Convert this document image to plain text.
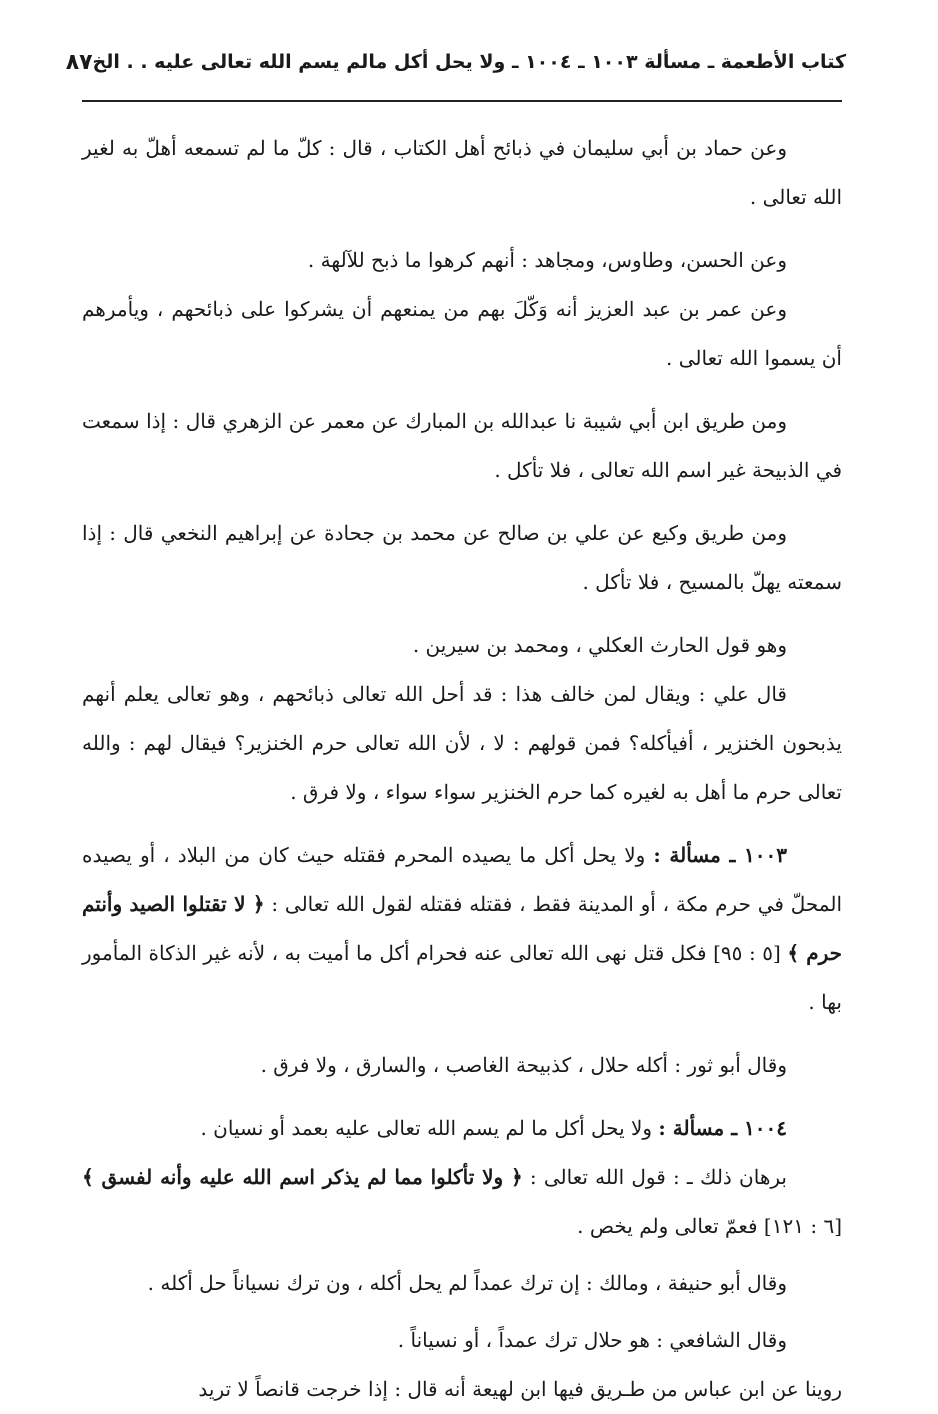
كتاب الأطعمة ـ مسألة ١٠٠٣ ـ ١٠٠٤ ـ ولا يحل أكل مالم يسم الله تعالى عليه . . الخ
٨٧

وعن حماد بن أبي سليمان في ذبائح أهل الكتاب ، قال : كلّ ما لم تسمعه أهلّ به لغير الله تعالى .

وعن الحسن، وطاوس، ومجاهد : أنهم كرهوا ما ذبح للآلهة .

وعن عمر بن عبد العزيز أنه وَكّلَ بهم من يمنعهم أن يشركوا على ذبائحهم ، ويأمرهم أن يسموا الله تعالى .

ومن طريق ابن أبي شيبة نا عبدالله بن المبارك عن معمر عن الزهري قال : إذا سمعت في الذبيحة غير اسم الله تعالى ، فلا تأكل .

ومن طريق وكيع عن علي بن صالح عن محمد بن جحادة عن إبراهيم النخعي قال : إذا سمعته يهلّ بالمسيح ، فلا تأكل .

وهو قول الحارث العكلي ، ومحمد بن سيرين .

قال علي : ويقال لمن خالف هذا : قد أحل الله تعالى ذبائحهم ، وهو تعالى يعلم أنهم يذبحون الخنزير ، أفيأكله؟ فمن قولهم : لا ، لأن الله تعالى حرم الخنزير؟ فيقال لهم : والله تعالى حرم ما أهل به لغيره كما حرم الخنزير سواء سواء ، ولا فرق .

١٠٠٣ ـ مسألة : ولا يحل أكل ما يصيده المحرم فقتله حيث كان من البلاد ، أو يصيده المحلّ في حرم مكة ، أو المدينة فقط ، فقتله فقتله لقول الله تعالى : ﴿ لا تقتلوا الصيد وأنتم حرم ﴾ [٥ : ٩٥] فكل قتل نهى الله تعالى عنه فحرام أكل ما أميت به ، لأنه غير الذكاة المأمور بها .

وقال أبو ثور : أكله حلال ، كذبيحة الغاصب ، والسارق ، ولا فرق .

١٠٠٤ ـ مسألة : ولا يحل أكل ما لم يسم الله تعالى عليه بعمد أو نسيان .

برهان ذلك ـ : قول الله تعالى : ﴿ ولا تأكلوا مما لم يذكر اسم الله عليه وأنه لفسق ﴾ [٦ : ١٢١] فعمّ تعالى ولم يخص .

وقال أبو حنيفة ، ومالك : إن ترك عمداً لم يحل أكله ، ون ترك نسياناً حل أكله .

وقال الشافعي : هو حلال ترك عمداً ، أو نسياناً .

روينا عن ابن عباس من طـريق فيها ابن لهيعة أنه قال : إذا خرجت قانصاً لا تريد
